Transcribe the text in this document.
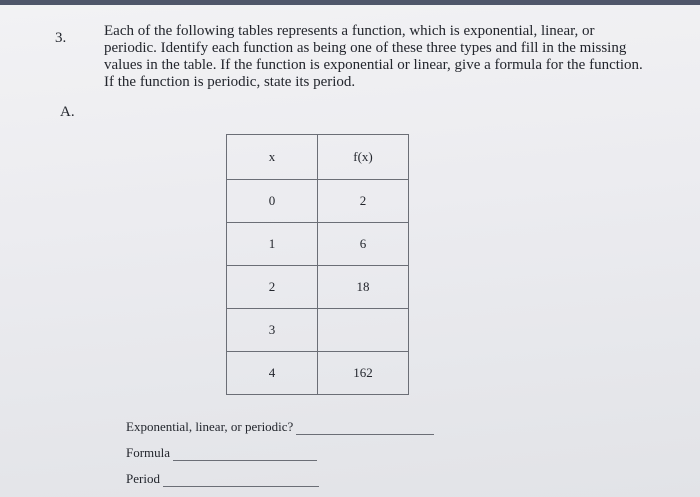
3.	Each of the following tables represents a function, which is exponential, linear, or periodic. Identify each function as being one of these three types and fill in the missing values in the table. If the function is exponential or linear, give a formula for the function. If the function is periodic, state its period.
A.
x	f(x)
0	2
1	6
2	18
3	
4	162
Exponential, linear, or periodic?
Formula
Period
